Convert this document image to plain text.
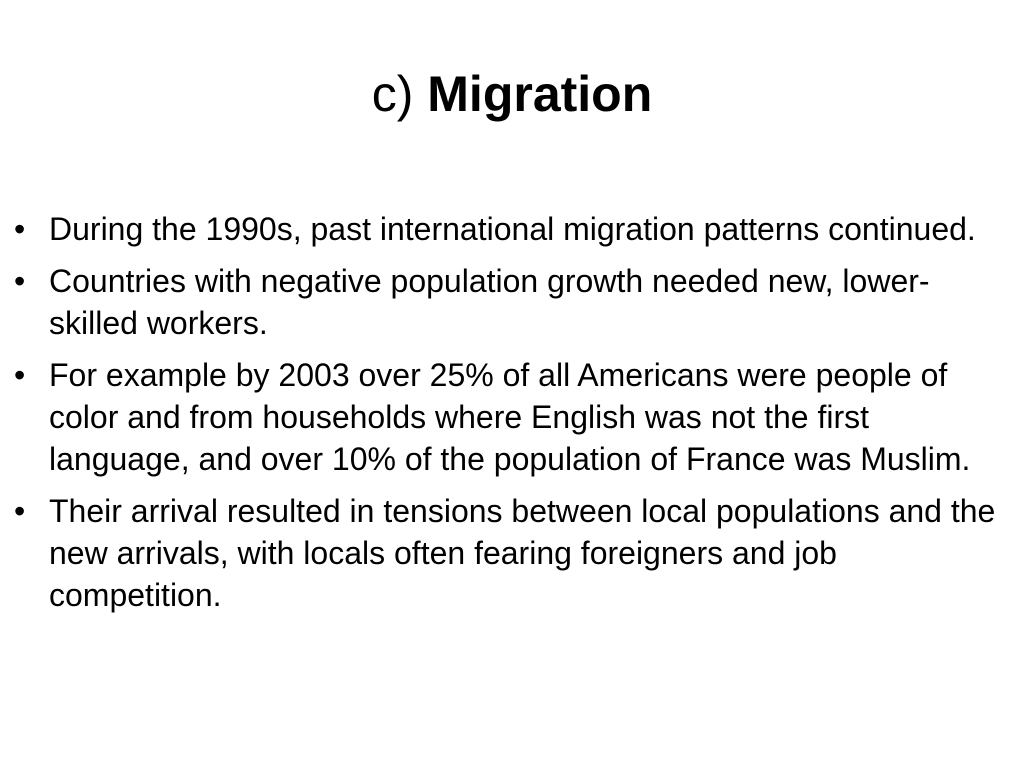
c) Migration
• During the 1990s, past international migration patterns continued.
• Countries with negative population growth needed new, lower-skilled workers.
• For example by 2003 over 25% of all Americans were people of color and from households where English was not the first language, and over 10% of the population of France was Muslim.
• Their arrival resulted in tensions between local populations and the new arrivals, with locals often fearing foreigners and job competition.
